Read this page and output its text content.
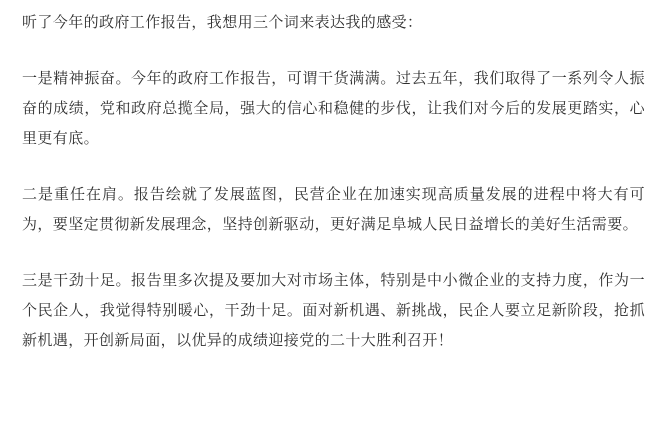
听了今年的政府工作报告，我想用三个词来表达我的感受：

一是精神振奋。今年的政府工作报告，可谓干货满满。过去五年，我们取得了一系列令人振奋的成绩，党和政府总揽全局，强大的信心和稳健的步伐，让我们对今后的发展更踏实，心里更有底。

二是重任在肩。报告绘就了发展蓝图，民营企业在加速实现高质量发展的进程中将大有可为，要坚定贯彻新发展理念，坚持创新驱动，更好满足阜城人民日益增长的美好生活需要。

三是干劲十足。报告里多次提及要加大对市场主体，特别是中小微企业的支持力度，作为一个民企人，我觉得特别暖心，干劲十足。面对新机遇、新挑战，民企人要立足新阶段，抢抓新机遇，开创新局面，以优异的成绩迎接党的二十大胜利召开！
